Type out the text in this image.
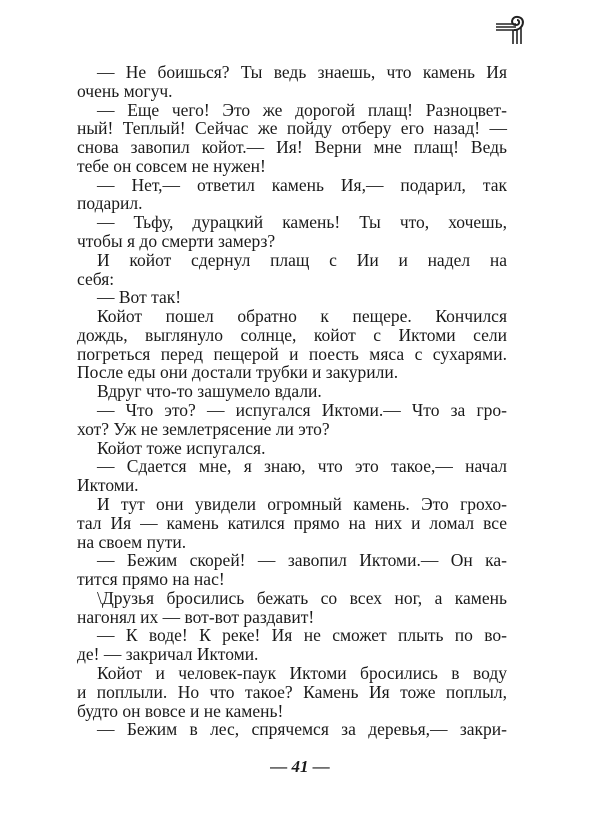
— Не боишься? Ты ведь знаешь, что камень Ия
очень могуч.
— Еще чего! Это же дорогой плащ! Разноцвет-
ный! Теплый! Сейчас же пойду отберу его назад! —
снова завопил койот.— Ия! Верни мне плащ! Ведь
тебе он совсем не нужен!
— Нет,— ответил камень Ия,— подарил, так
подарил.
— Тьфу, дурацкий камень! Ты что, хочешь,
чтобы я до смерти замерз?
И койот сдернул плащ с Ии и надел на
себя:
— Вот так!
Койот пошел обратно к пещере. Кончился
дождь, выглянуло солнце, койот с Иктоми сели
погреться перед пещерой и поесть мяса с сухарями.
После еды они достали трубки и закурили.
Вдруг что-то зашумело вдали.
— Что это? — испугался Иктоми.— Что за гро-
хот? Уж не землетрясение ли это?
Койот тоже испугался.
— Сдается мне, я знаю, что это такое,— начал
Иктоми.
И тут они увидели огромный камень. Это грохо-
тал Ия — камень катился прямо на них и ломал все
на своем пути.
— Бежим скорей! — завопил Иктоми.— Он ка-
тится прямо на нас!
\Друзья бросились бежать со всех ног, а камень
нагонял их — вот-вот раздавит!
— К воде! К реке! Ия не сможет плыть по во-
де! — закричал Иктоми.
Койот и человек-паук Иктоми бросились в воду
и поплыли. Но что такое? Камень Ия тоже поплыл,
будто он вовсе и не камень!
— Бежим в лес, спрячемся за деревья,— закри-
— 41 —
